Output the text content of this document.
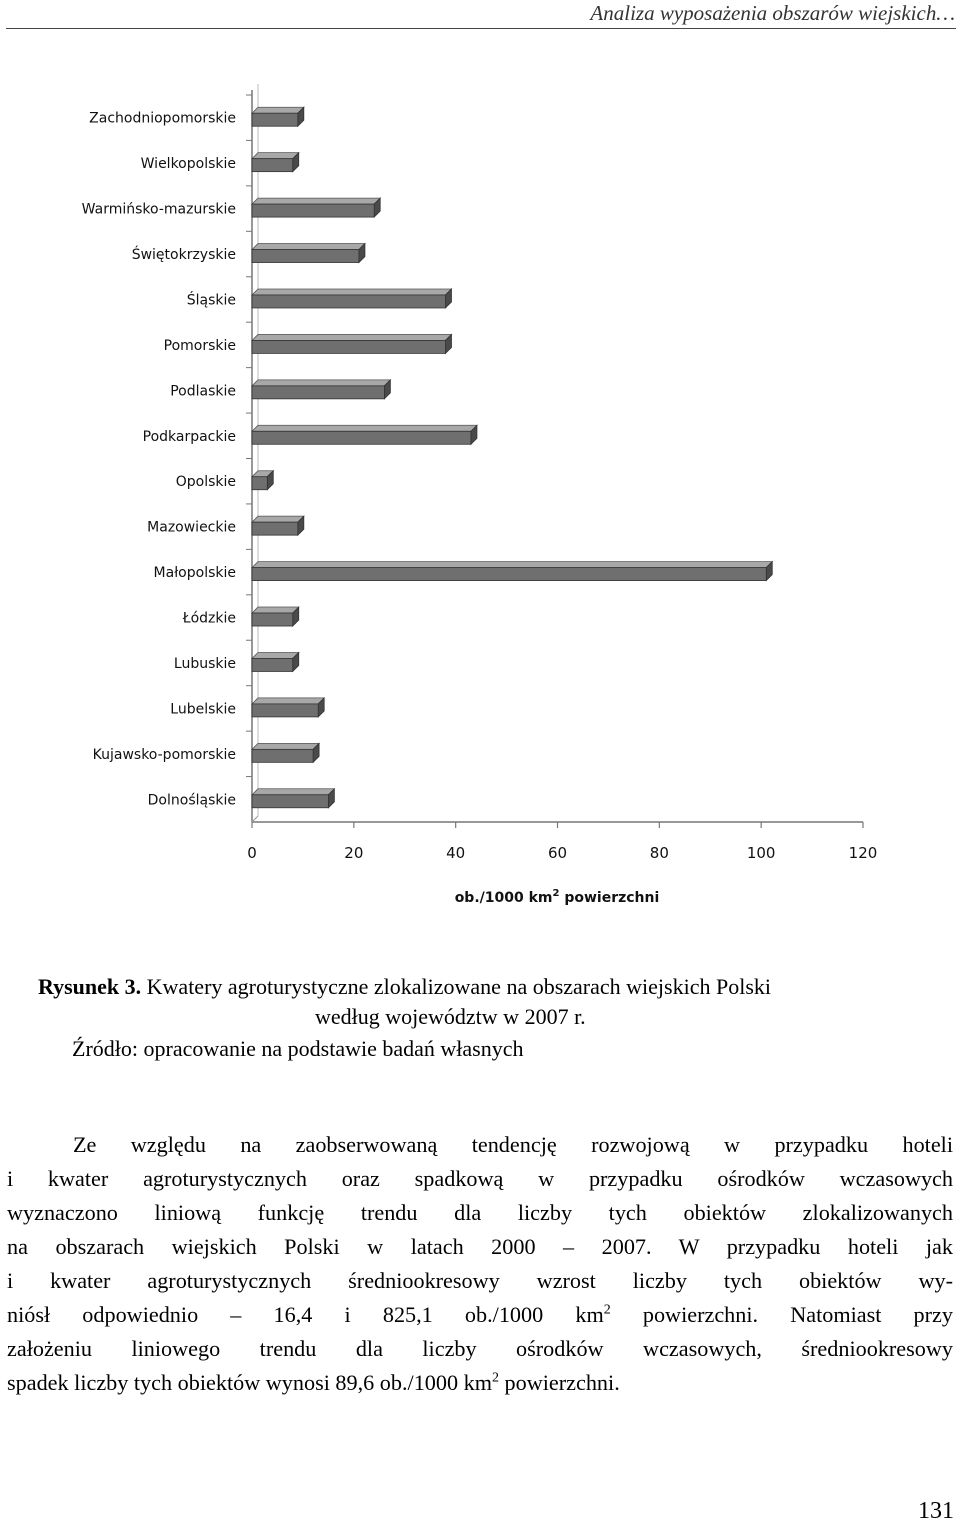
Analiza wyposażenia obszarów wiejskich…
Zachodniopomorskie
Wielkopolskie
Warmińsko-mazurskie
Świętokrzyskie
Śląskie
Pomorskie
Podlaskie
Podkarpackie
Opolskie
Mazowieckie
Małopolskie
Łódzkie
Lubuskie
Lubelskie
Kujawsko-pomorskie
Dolnośląskie
0	20	40	60	80	100	120
ob./1000 $km^2$ powierzchni
Rysunek 3. Kwatery agroturystyczne zlokalizowane na obszarach wiejskich Polski
według województw w 2007 r.
Źródło: opracowanie na podstawie badań własnych
Ze względu na zaobserwowaną tendencję rozwojową w przypadku hoteli
i kwater agroturystycznych oraz spadkową w przypadku ośrodków wczasowych
wyznaczono liniową funkcję trendu dla liczby tych obiektów zlokalizowanych
na obszarach wiejskich Polski w latach 2000 – 2007. W przypadku hoteli jak
i kwater agroturystycznych średniookresowy wzrost liczby tych obiektów wy-
niósł odpowiednio – 16,4 i 825,1 ob./1000 $km^2$ powierzchni. Natomiast przy
założeniu liniowego trendu dla liczby ośrodków wczasowych, średniookresowy
spadek liczby tych obiektów wynosi 89,6 ob./1000 $km^2$ powierzchni.
131
